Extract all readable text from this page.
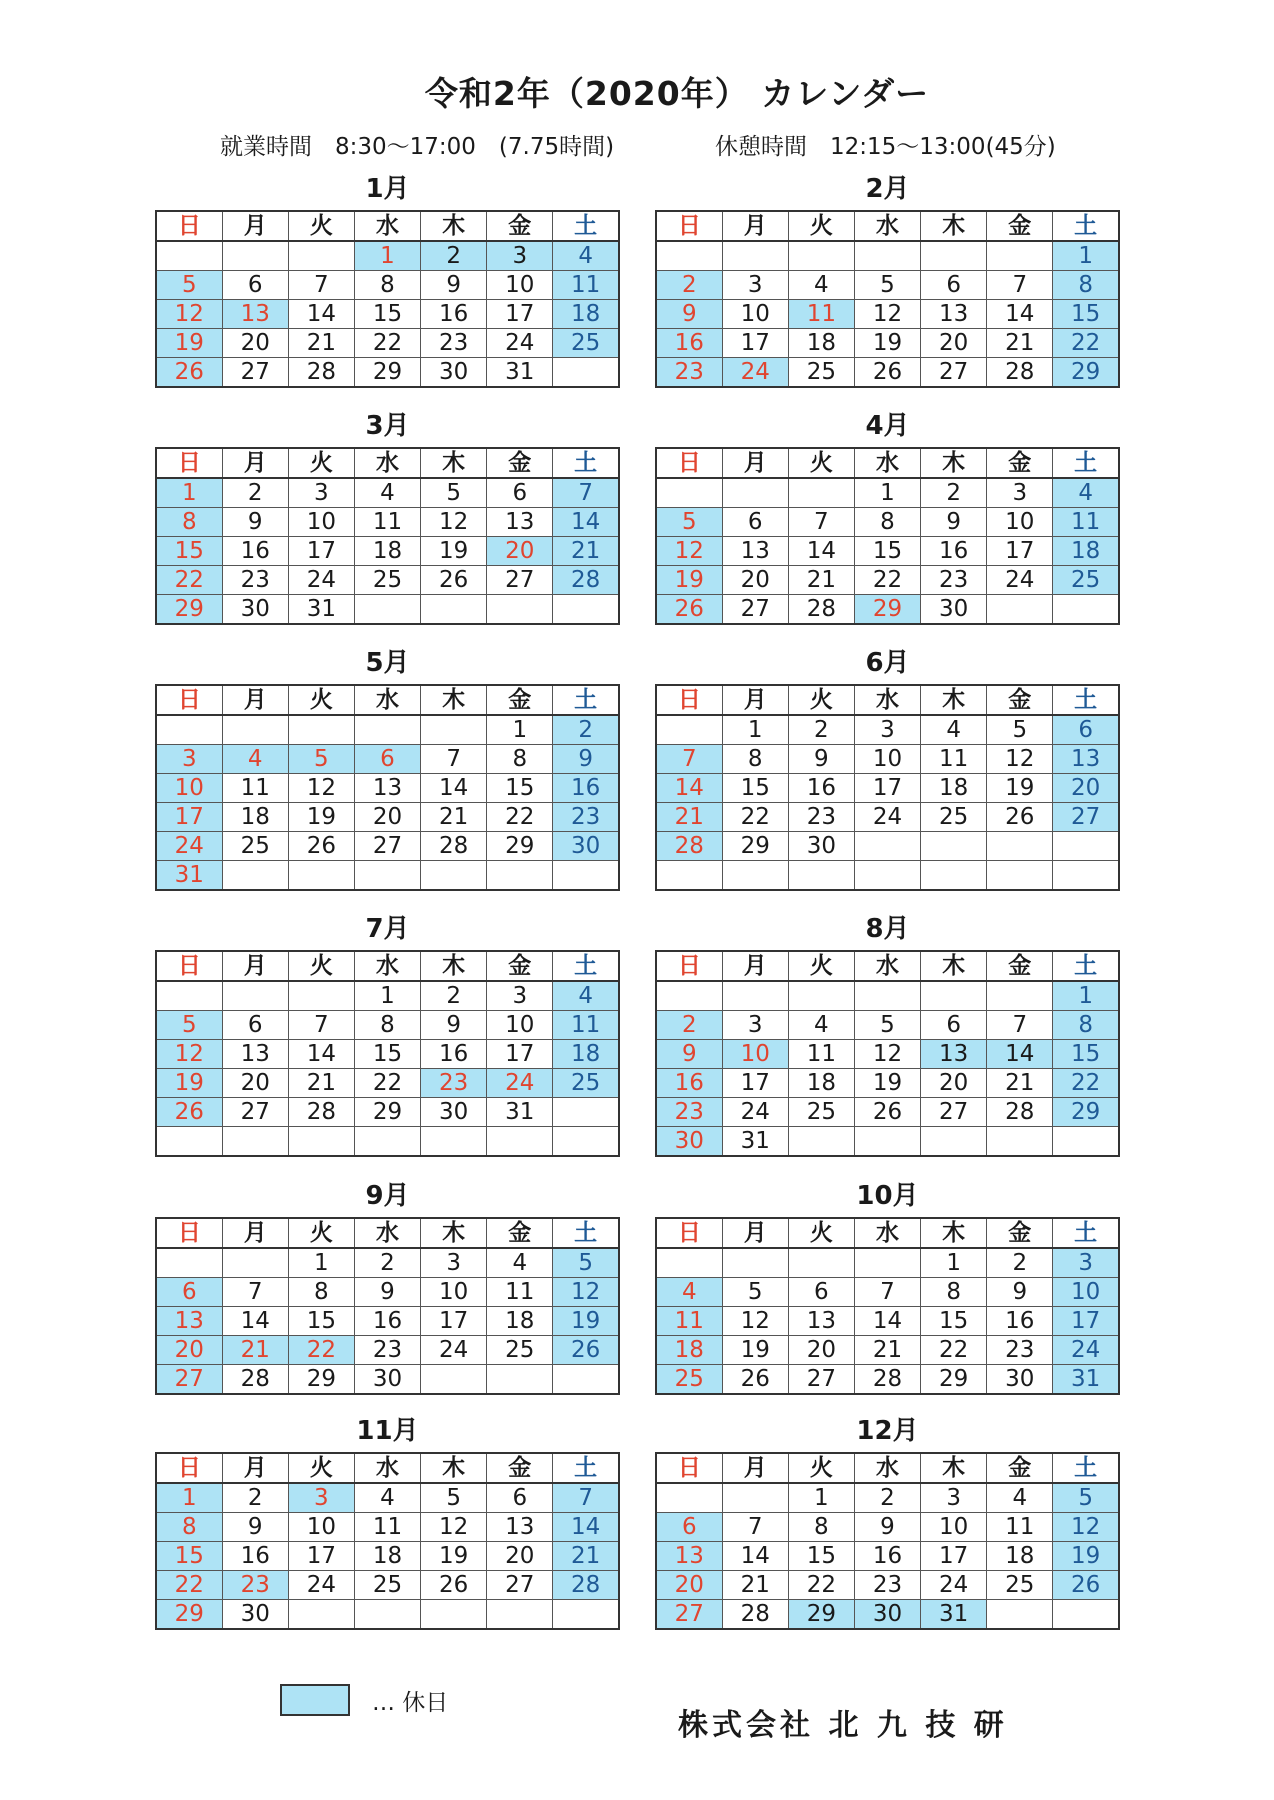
令和2年（2020年） カレンダー
就業時間　8:30〜17:00　(7.75時間)	休憩時間　12:15〜13:00(45分)
1月
日	月	火	水	木	金	土
			1	2	3	4
5	6	7	8	9	10	11
12	13	14	15	16	17	18
19	20	21	22	23	24	25
26	27	28	29	30	31	
2月
日	月	火	水	木	金	土
						1
2	3	4	5	6	7	8
9	10	11	12	13	14	15
16	17	18	19	20	21	22
23	24	25	26	27	28	29
3月
日	月	火	水	木	金	土
1	2	3	4	5	6	7
8	9	10	11	12	13	14
15	16	17	18	19	20	21
22	23	24	25	26	27	28
29	30	31				
4月
日	月	火	水	木	金	土
			1	2	3	4
5	6	7	8	9	10	11
12	13	14	15	16	17	18
19	20	21	22	23	24	25
26	27	28	29	30		
5月
日	月	火	水	木	金	土
					1	2
3	4	5	6	7	8	9
10	11	12	13	14	15	16
17	18	19	20	21	22	23
24	25	26	27	28	29	30
31						
6月
日	月	火	水	木	金	土
	1	2	3	4	5	6
7	8	9	10	11	12	13
14	15	16	17	18	19	20
21	22	23	24	25	26	27
28	29	30				

7月
日	月	火	水	木	金	土
			1	2	3	4
5	6	7	8	9	10	11
12	13	14	15	16	17	18
19	20	21	22	23	24	25
26	27	28	29	30	31	

8月
日	月	火	水	木	金	土
						1
2	3	4	5	6	7	8
9	10	11	12	13	14	15
16	17	18	19	20	21	22
23	24	25	26	27	28	29
30	31					
9月
日	月	火	水	木	金	土
		1	2	3	4	5
6	7	8	9	10	11	12
13	14	15	16	17	18	19
20	21	22	23	24	25	26
27	28	29	30			
10月
日	月	火	水	木	金	土
				1	2	3
4	5	6	7	8	9	10
11	12	13	14	15	16	17
18	19	20	21	22	23	24
25	26	27	28	29	30	31
11月
日	月	火	水	木	金	土
1	2	3	4	5	6	7
8	9	10	11	12	13	14
15	16	17	18	19	20	21
22	23	24	25	26	27	28
29	30					
12月
日	月	火	水	木	金	土
		1	2	3	4	5
6	7	8	9	10	11	12
13	14	15	16	17	18	19
20	21	22	23	24	25	26
27	28	29	30	31		
… 休日
株式会社 北 九 技 研
